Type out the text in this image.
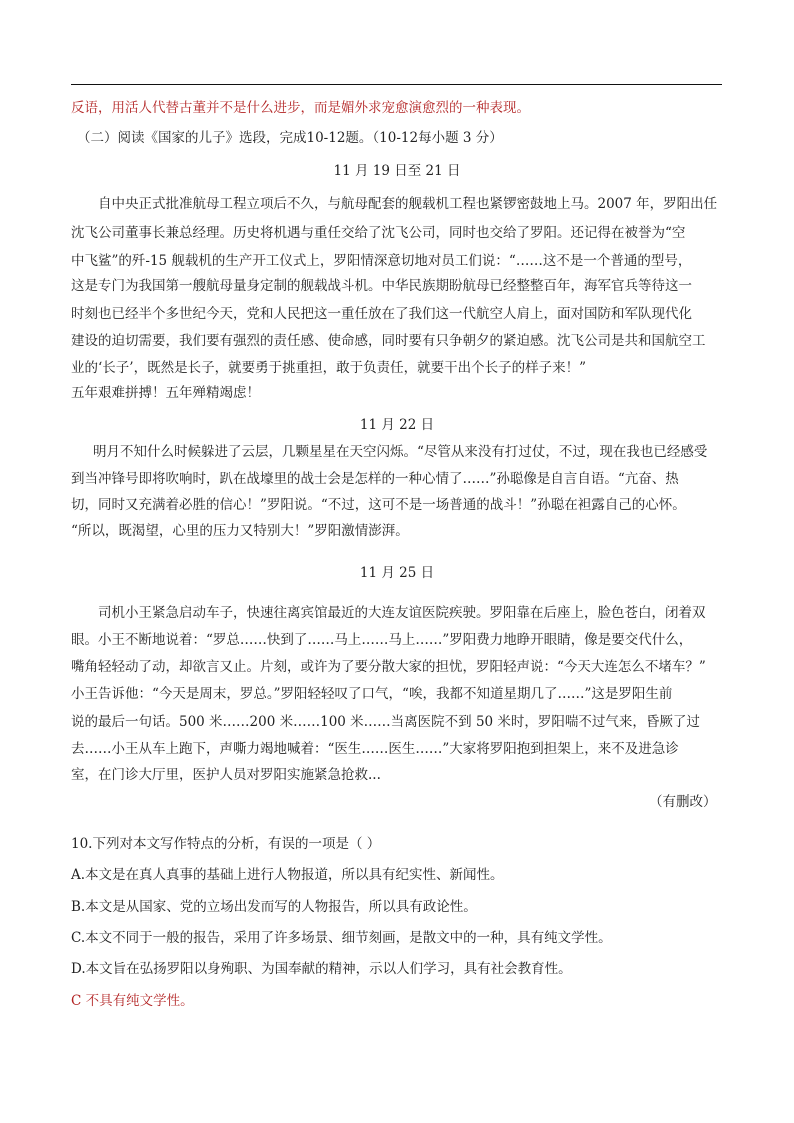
反语，用活人代替古董并不是什么进步，而是媚外求宠愈演愈烈的一种表现。
（二）阅读《国家的儿子》选段，完成10-12题。（10-12每小题 3 分）
11 月 19 日至 21 日
自中央正式批准航母工程立项后不久，与航母配套的舰载机工程也紧锣密鼓地上马。2007 年，罗阳出任
沈飞公司董事长兼总经理。历史将机遇与重任交给了沈飞公司，同时也交给了罗阳。还记得在被誉为“空
中飞鲨”的歼-15 舰载机的生产开工仪式上，罗阳情深意切地对员工们说：“……这不是一个普通的型号，
这是专门为我国第一艘航母量身定制的舰载战斗机。中华民族期盼航母已经整整百年，海军官兵等待这一
时刻也已经半个多世纪今天，党和人民把这一重任放在了我们这一代航空人肩上，面对国防和军队现代化
建设的迫切需要，我们要有强烈的责任感、使命感，同时要有只争朝夕的紧迫感。沈飞公司是共和国航空工
业的‘长子’，既然是长子，就要勇于挑重担，敢于负责任，就要干出个长子的样子来！”
五年艰难拼搏！五年殚精竭虑！
11 月 22 日
明月不知什么时候躲进了云层，几颗星星在天空闪烁。“尽管从来没有打过仗，不过，现在我也已经感受
到当冲锋号即将吹响时，趴在战壕里的战士会是怎样的一种心情了……”孙聪像是自言自语。“亢奋、热
切，同时又充满着必胜的信心！”罗阳说。“不过，这可不是一场普通的战斗！”孙聪在袒露自己的心怀。
“所以，既渴望，心里的压力又特别大！”罗阳激情澎湃。
11 月 25 日
司机小王紧急启动车子，快速往离宾馆最近的大连友谊医院疾驶。罗阳靠在后座上，脸色苍白，闭着双
眼。小王不断地说着：“罗总……快到了……马上……马上……”罗阳费力地睁开眼睛，像是要交代什么，
嘴角轻轻动了动，却欲言又止。片刻，或许为了要分散大家的担忧，罗阳轻声说：“今天大连怎么不堵车？”
小王告诉他：“今天是周末，罗总。”罗阳轻轻叹了口气，“唉，我都不知道星期几了……”这是罗阳生前
说的最后一句话。500 米……200 米……100 米……当离医院不到 50 米时，罗阳喘不过气来，昏厥了过
去……小王从车上跑下，声嘶力竭地喊着：“医生……医生……”大家将罗阳抱到担架上，来不及进急诊
室，在门诊大厅里，医护人员对罗阳实施紧急抢救...
（有删改）
10.下列对本文写作特点的分析，有误的一项是（ ）
A.本文是在真人真事的基础上进行人物报道，所以具有纪实性、新闻性。
B.本文是从国家、党的立场出发而写的人物报告，所以具有政论性。
C.本文不同于一般的报告，采用了许多场景、细节刻画，是散文中的一种，具有纯文学性。
D.本文旨在弘扬罗阳以身殉职、为国奉献的精神，示以人们学习，具有社会教育性。
C 不具有纯文学性。
